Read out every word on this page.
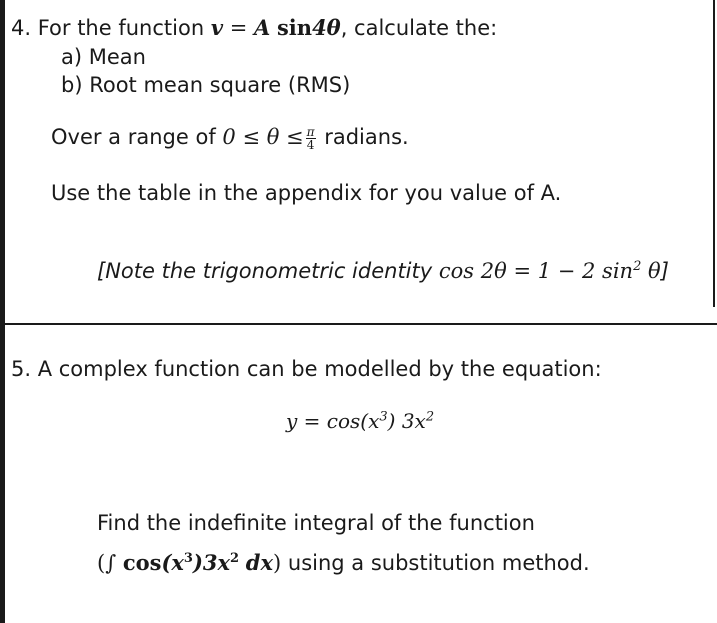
4. For the function v = A sin4θ, calculate the:
a) Mean
b) Root mean square (RMS)
Over a range of $0 \le \theta \le \frac{\pi}{4}$ radians.
Use the table in the appendix for you value of A.
[Note the trigonometric identity cos 2θ = 1 − 2 $\sin^2 \theta$]
5. A complex function can be modelled by the equation:
$y = \cos(x^3)$ $3x^2$
Find the indefinite integral of the function
(∫ $\cos(x^3)3x^2$ dx) using a substitution method.
